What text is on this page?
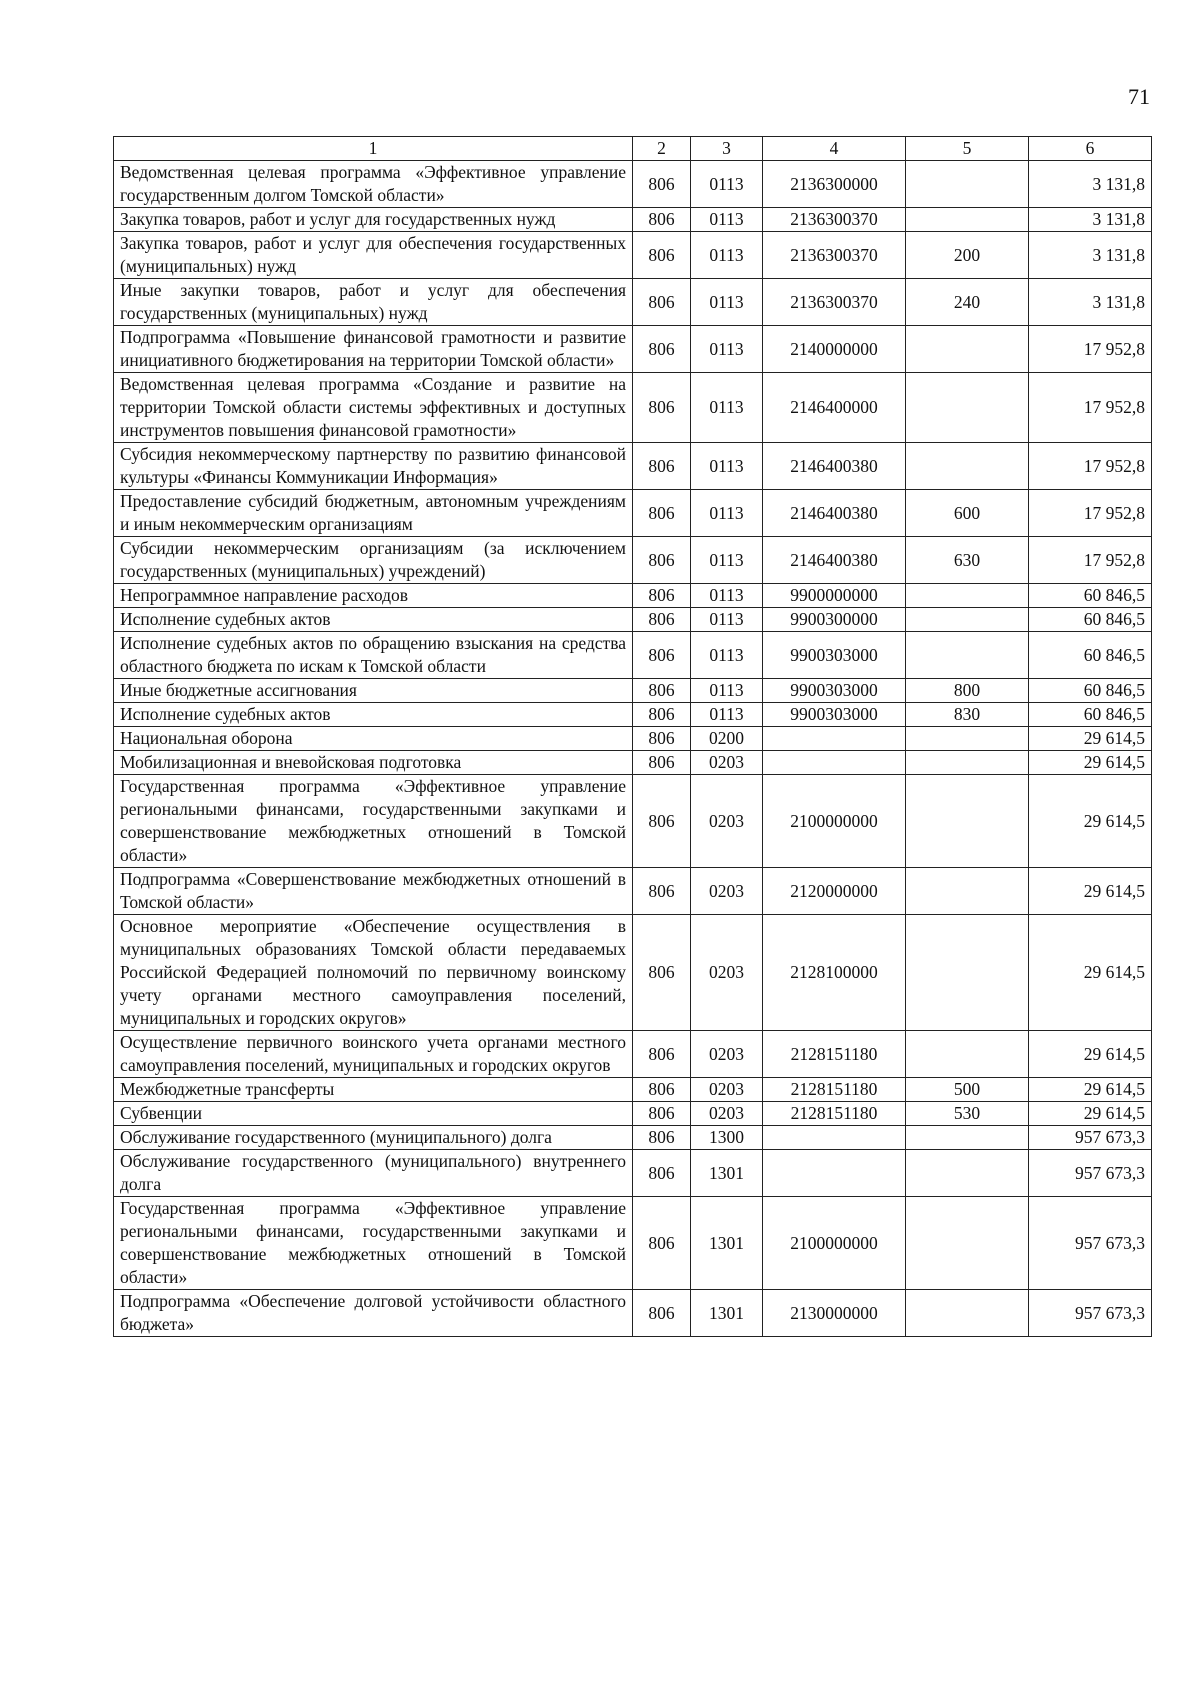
71
1	2	3	4	5	6
Ведомственная целевая программа «Эффективное управление государственным долгом Томской области»	806	0113	2136300000		3 131,8
Закупка товаров, работ и услуг для государственных нужд	806	0113	2136300370		3 131,8
Закупка товаров, работ и услуг для обеспечения государственных (муниципальных) нужд	806	0113	2136300370	200	3 131,8
Иные закупки товаров, работ и услуг для обеспечения государственных (муниципальных) нужд	806	0113	2136300370	240	3 131,8
Подпрограмма «Повышение финансовой грамотности и развитие инициативного бюджетирования на территории Томской области»	806	0113	2140000000		17 952,8
Ведомственная целевая программа «Создание и развитие на территории Томской области системы эффективных и доступных инструментов повышения финансовой грамотности»	806	0113	2146400000		17 952,8
Субсидия некоммерческому партнерству по развитию финансовой культуры «Финансы Коммуникации Информация»	806	0113	2146400380		17 952,8
Предоставление субсидий бюджетным, автономным учреждениям и иным некоммерческим организациям	806	0113	2146400380	600	17 952,8
Субсидии некоммерческим организациям (за исключением государственных (муниципальных) учреждений)	806	0113	2146400380	630	17 952,8
Непрограммное направление расходов	806	0113	9900000000		60 846,5
Исполнение судебных актов	806	0113	9900300000		60 846,5
Исполнение судебных актов по обращению взыскания на средства областного бюджета по искам к Томской области	806	0113	9900303000		60 846,5
Иные бюджетные ассигнования	806	0113	9900303000	800	60 846,5
Исполнение судебных актов	806	0113	9900303000	830	60 846,5
Национальная оборона	806	0200			29 614,5
Мобилизационная и вневойсковая подготовка	806	0203			29 614,5
Государственная программа «Эффективное управление региональными финансами, государственными закупками и совершенствование межбюджетных отношений в Томской области»	806	0203	2100000000		29 614,5
Подпрограмма «Совершенствование межбюджетных отношений в Томской области»	806	0203	2120000000		29 614,5
Основное мероприятие «Обеспечение осуществления в муниципальных образованиях Томской области передаваемых Российской Федерацией полномочий по первичному воинскому учету органами местного самоуправления поселений, муниципальных и городских округов»	806	0203	2128100000		29 614,5
Осуществление первичного воинского учета органами местного самоуправления поселений, муниципальных и городских округов	806	0203	2128151180		29 614,5
Межбюджетные трансферты	806	0203	2128151180	500	29 614,5
Субвенции	806	0203	2128151180	530	29 614,5
Обслуживание государственного (муниципального) долга	806	1300			957 673,3
Обслуживание государственного (муниципального) внутреннего долга	806	1301			957 673,3
Государственная программа «Эффективное управление региональными финансами, государственными закупками и совершенствование межбюджетных отношений в Томской области»	806	1301	2100000000		957 673,3
Подпрограмма «Обеспечение долговой устойчивости областного бюджета»	806	1301	2130000000		957 673,3
